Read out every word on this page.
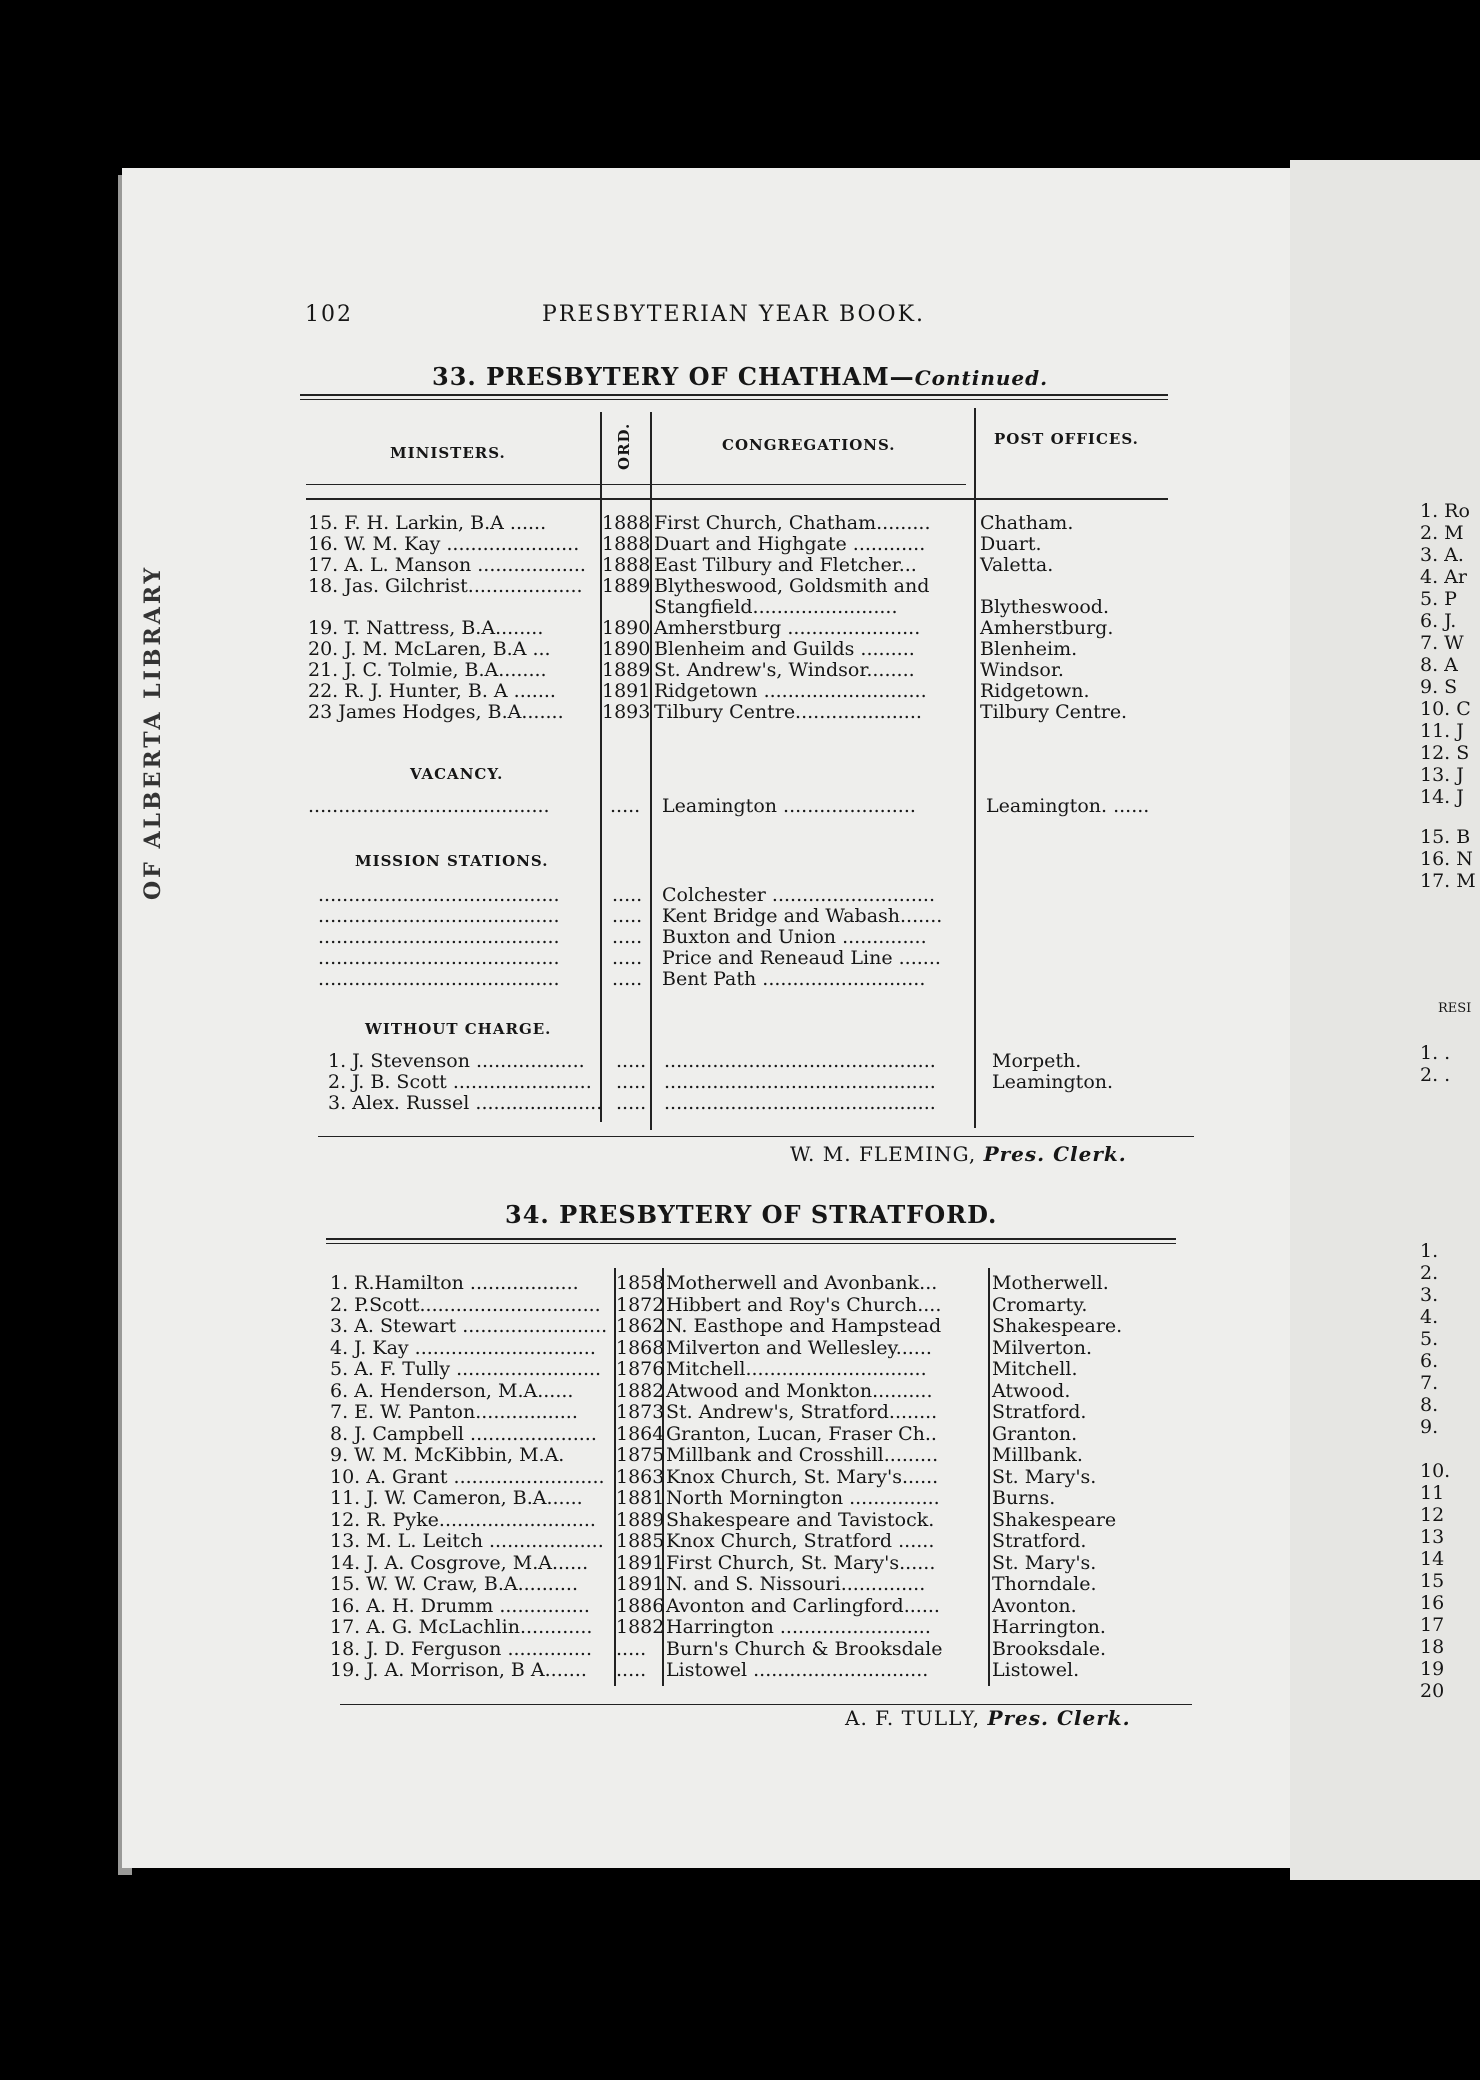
1. Ro
2. M
3. A.
4. Ar
5. P
6. J.
7. W
8. A
9. S
10. C
11. J
12. S
13. J
14. J
15. B
16. N
17. M
RESI
1. .
2. .
1.
2.
3.
4.
5.
6.
7.
8.
9.
10.
11
12
13
14
15
16
17
18
19
20
OF ALBERTA LIBRARY
102	PRESBYTERIAN YEAR BOOK.
33. PRESBYTERY OF CHATHAM—Continued.
MINISTERS.	ORD.	CONGREGATIONS.	POST OFFICES.
15. F. H. Larkin, B.A ......	1888 First Church, Chatham.........	Chatham.
16. W. M. Kay ...................... 1888 Duart and Highgate ............	Duart.
17. A. L. Manson .................. 1888 East Tilbury and Fletcher...	Valetta.
18. Jas. Gilchrist................... 1889 Blytheswood, Goldsmith and
Stangfield........................	Blytheswood.
19. T. Nattress, B.A........	1890 Amherstburg ......................	Amherstburg.
20. J. M. McLaren, B.A ...	1890 Blenheim and Guilds .........	Blenheim.
21. J. C. Tolmie, B.A........	1889 St. Andrew's, Windsor........	Windsor.
22. R. J. Hunter, B. A ....... 1891 Ridgetown ...........................	Ridgetown.
23 James Hodges, B.A....... 1893 Tilbury Centre.....................	Tilbury Centre.
VACANCY.
........................................	..... Leamington ......................	Leamington. ......
MISSION STATIONS.
........................................	..... Colchester ...........................
........................................	..... Kent Bridge and Wabash.......
........................................	..... Buxton and Union ..............
........................................	..... Price and Reneaud Line .......
........................................	..... Bent Path ...........................
WITHOUT CHARGE.
1. J. Stevenson .................. ..... .............................................	Morpeth.
2. J. B. Scott ....................... ..... .............................................	Leamington.
3. Alex. Russel ..................... ..... .............................................
W. M. FLEMING, Pres. Clerk.
34. PRESBYTERY OF STRATFORD.
1. R.Hamilton .................. 1858 Motherwell and Avonbank...	Motherwell.
2. P.Scott.............................. 1872 Hibbert and Roy's Church....	Cromarty.
3. A. Stewart ........................ 1862 N. Easthope and Hampstead	Shakespeare.
4. J. Kay .............................. 1868 Milverton and Wellesley......	Milverton.
5. A. F. Tully ........................ 1876 Mitchell..............................	Mitchell.
6. A. Henderson, M.A...... 1882 Atwood and Monkton..........	Atwood.
7. E. W. Panton................. 1873 St. Andrew's, Stratford........	Stratford.
8. J. Campbell ..................... 1864 Granton, Lucan, Fraser Ch..	Granton.
9. W. M. McKibbin, M.A.	1875 Millbank and Crosshill.........	Millbank.
10. A. Grant ......................... 1863 Knox Church, St. Mary's......	St. Mary's.
11. J. W. Cameron, B.A...... 1881 North Mornington ...............	Burns.
12. R. Pyke.......................... 1889 Shakespeare and Tavistock.	Shakespeare
13. M. L. Leitch ................... 1885 Knox Church, Stratford ......	Stratford.
14. J. A. Cosgrove, M.A...... 1891 First Church, St. Mary's......	St. Mary's.
15. W. W. Craw, B.A.......... 1891 N. and S. Nissouri..............	Thorndale.
16. A. H. Drumm ............... 1886 Avonton and Carlingford......	Avonton.
17. A. G. McLachlin............ 1882 Harrington .........................	Harrington.
18. J. D. Ferguson .............. ..... Burn's Church & Brooksdale	Brooksdale.
19. J. A. Morrison, B A....... ..... Listowel .............................	Listowel.
A. F. TULLY, Pres. Clerk.
